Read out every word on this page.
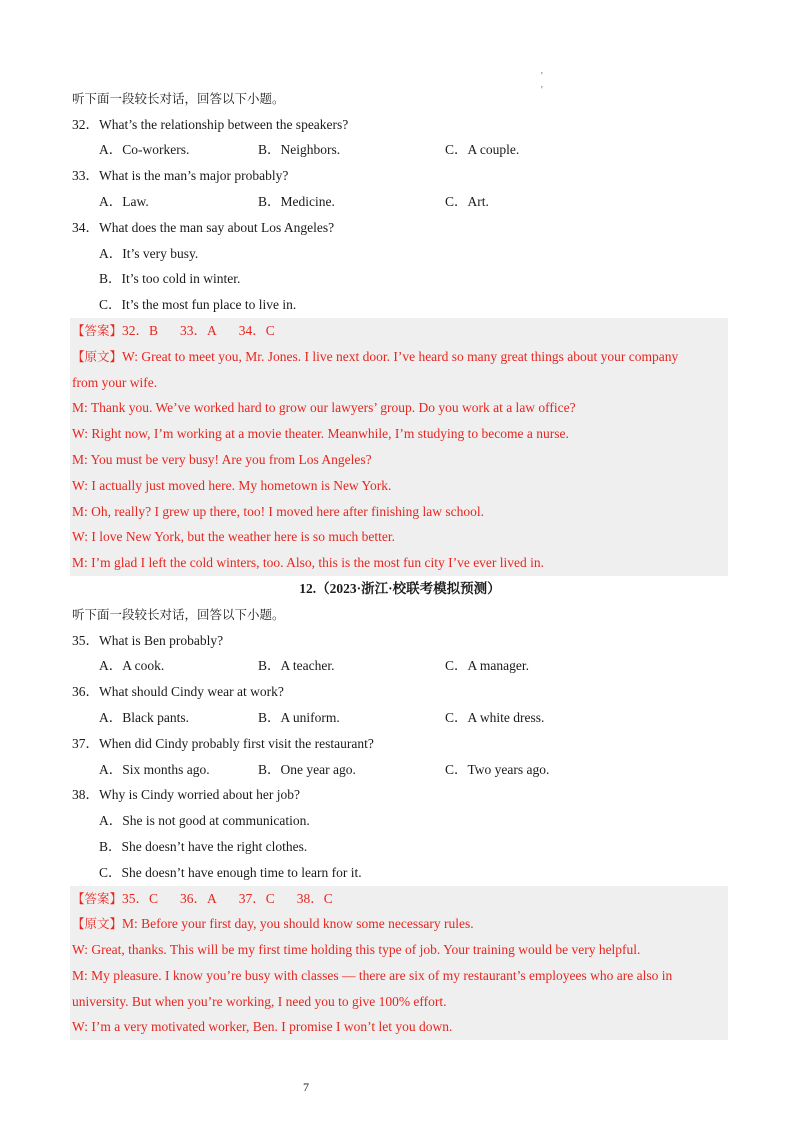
'
'
听下面一段较长对话，回答以下小题。
32．What’s the relationship between the speakers?
A．Co-workers.	B．Neighbors.	C．A couple.
33．What is the man’s major probably?
A．Law.	B．Medicine.	C．Art.
34．What does the man say about Los Angeles?
A．It’s very busy.
B．It’s too cold in winter.
C．It’s the most fun place to live in.
【答案】32．B 33．A 34．C
【原文】W: Great to meet you, Mr. Jones. I live next door. I’ve heard so many great things about your company
from your wife.
M: Thank you. We’ve worked hard to grow our lawyers’ group. Do you work at a law office?
W: Right now, I’m working at a movie theater. Meanwhile, I’m studying to become a nurse.
M: You must be very busy! Are you from Los Angeles?
W: I actually just moved here. My hometown is New York.
M: Oh, really? I grew up there, too! I moved here after finishing law school.
W: I love New York, but the weather here is so much better.
M: I’m glad I left the cold winters, too. Also, this is the most fun city I’ve ever lived in.
12.（2023·浙江·校联考模拟预测）
听下面一段较长对话，回答以下小题。
35．What is Ben probably?
A．A cook.	B．A teacher.	C．A manager.
36．What should Cindy wear at work?
A．Black pants.	B．A uniform.	C．A white dress.
37．When did Cindy probably first visit the restaurant?
A．Six months ago.	B．One year ago.	C．Two years ago.
38．Why is Cindy worried about her job?
A．She is not good at communication.
B．She doesn’t have the right clothes.
C．She doesn’t have enough time to learn for it.
【答案】35．C 36．A 37．C 38．C
【原文】M: Before your first day, you should know some necessary rules.
W: Great, thanks. This will be my first time holding this type of job. Your training would be very helpful.
M: My pleasure. I know you’re busy with classes — there are six of my restaurant’s employees who are also in
university. But when you’re working, I need you to give 100% effort.
W: I’m a very motivated worker, Ben. I promise I won’t let you down.
7
